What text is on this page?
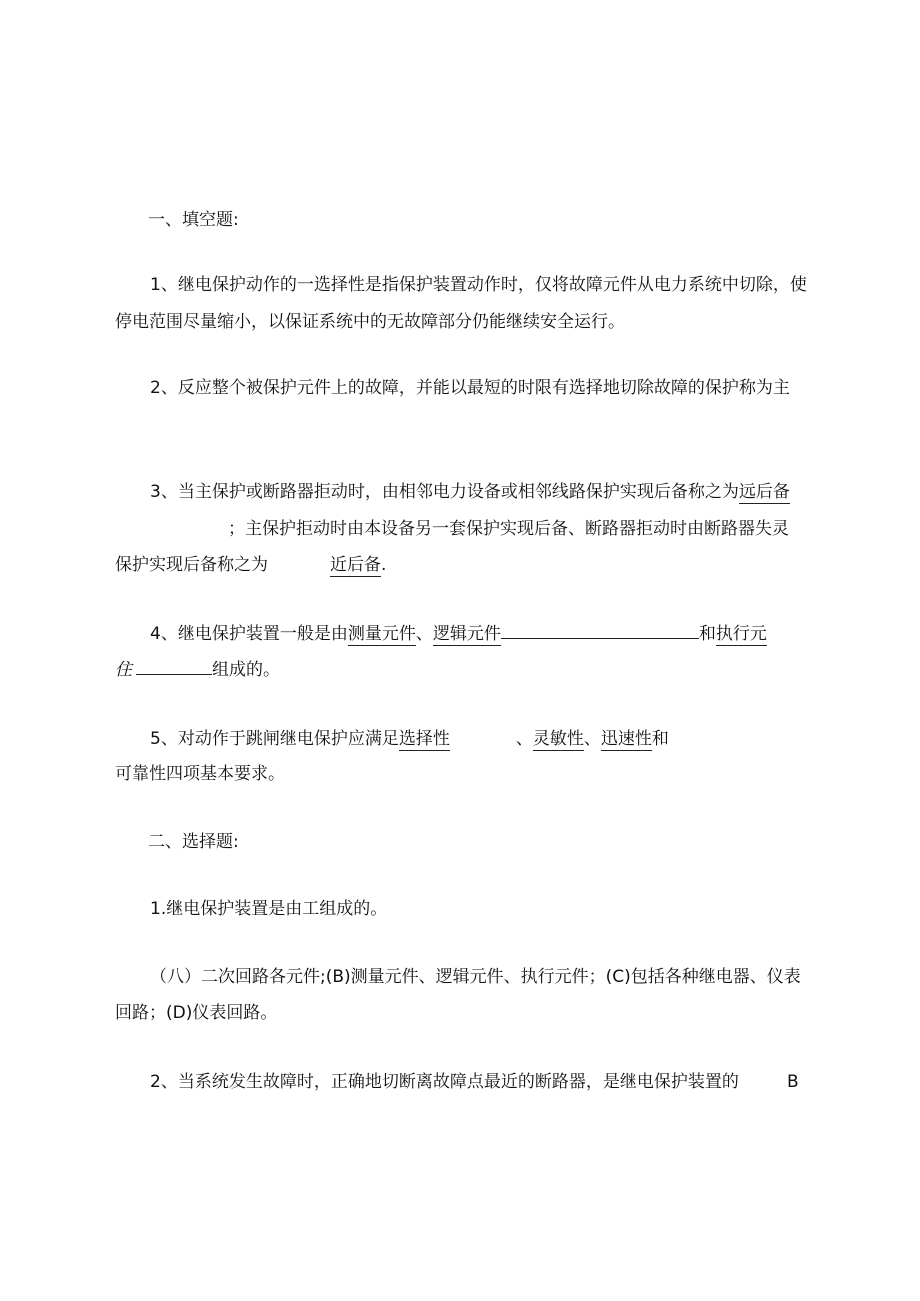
一、填空题:
1、继电保护动作的一选择性是指保护装置动作时，仅将故障元件从电力系统中切除，使
停电范围尽量缩小，以保证系统中的无故障部分仍能继续安全运行。
2、反应整个被保护元件上的故障，并能以最短的时限有选择地切除故障的保护称为主
3、当主保护或断路器拒动时，由相邻电力设备或相邻线路保护实现后备称之为远后备
；主保护拒动时由本设备另一套保护实现后备、断路器拒动时由断路器失灵
保护实现后备称之为	近后备.
4、继电保护装置一般是由测量元件、逻辑元件	和执行元
住	组成的。
5、对动作于跳闸继电保护应满足选择性	、灵敏性、迅速性和
可靠性四项基本要求。
二、选择题:
1.继电保护装置是由工组成的。
（八）二次回路各元件;(B)测量元件、逻辑元件、执行元件；(C)包括各种继电器、仪表
回路；(D)仪表回路。
2、当系统发生故障时，正确地切断离故障点最近的断路器，是继电保护装置的	B
